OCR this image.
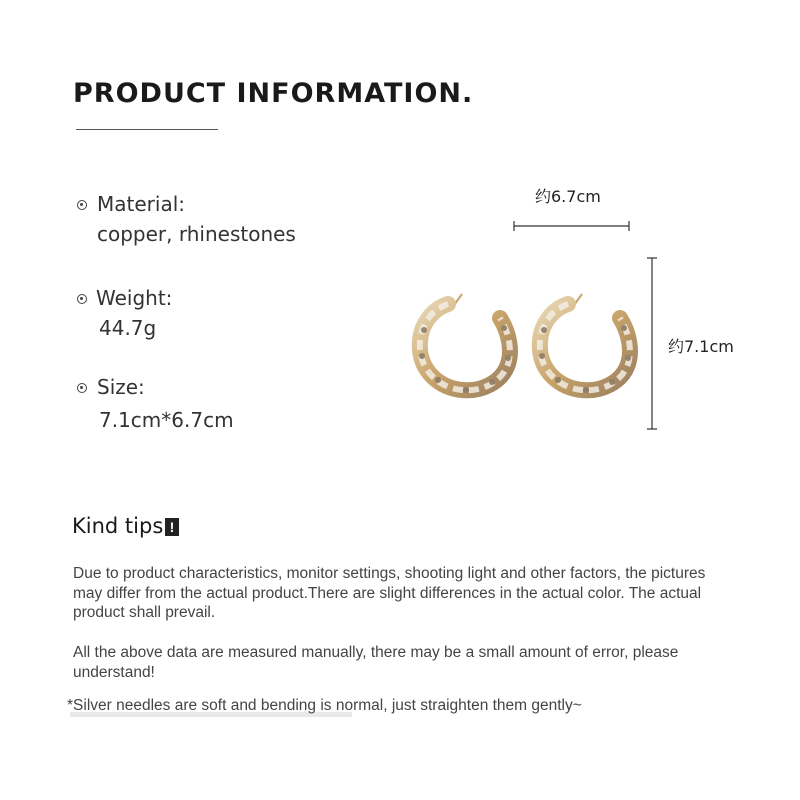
PRODUCT INFORMATION.
Material:
copper, rhinestones
Weight:
44.7g
Size:
7.1cm*6.7cm
约6.7cm
约7.1cm
Kind tips !
Due to product characteristics, monitor settings, shooting light and other factors, the pictures may differ from the actual product.There are slight differences in the actual color. The actual product shall prevail.
All the above data are measured manually, there may be a small amount of error, please understand!
*Silver needles are soft and bending is normal, just straighten them gently~
